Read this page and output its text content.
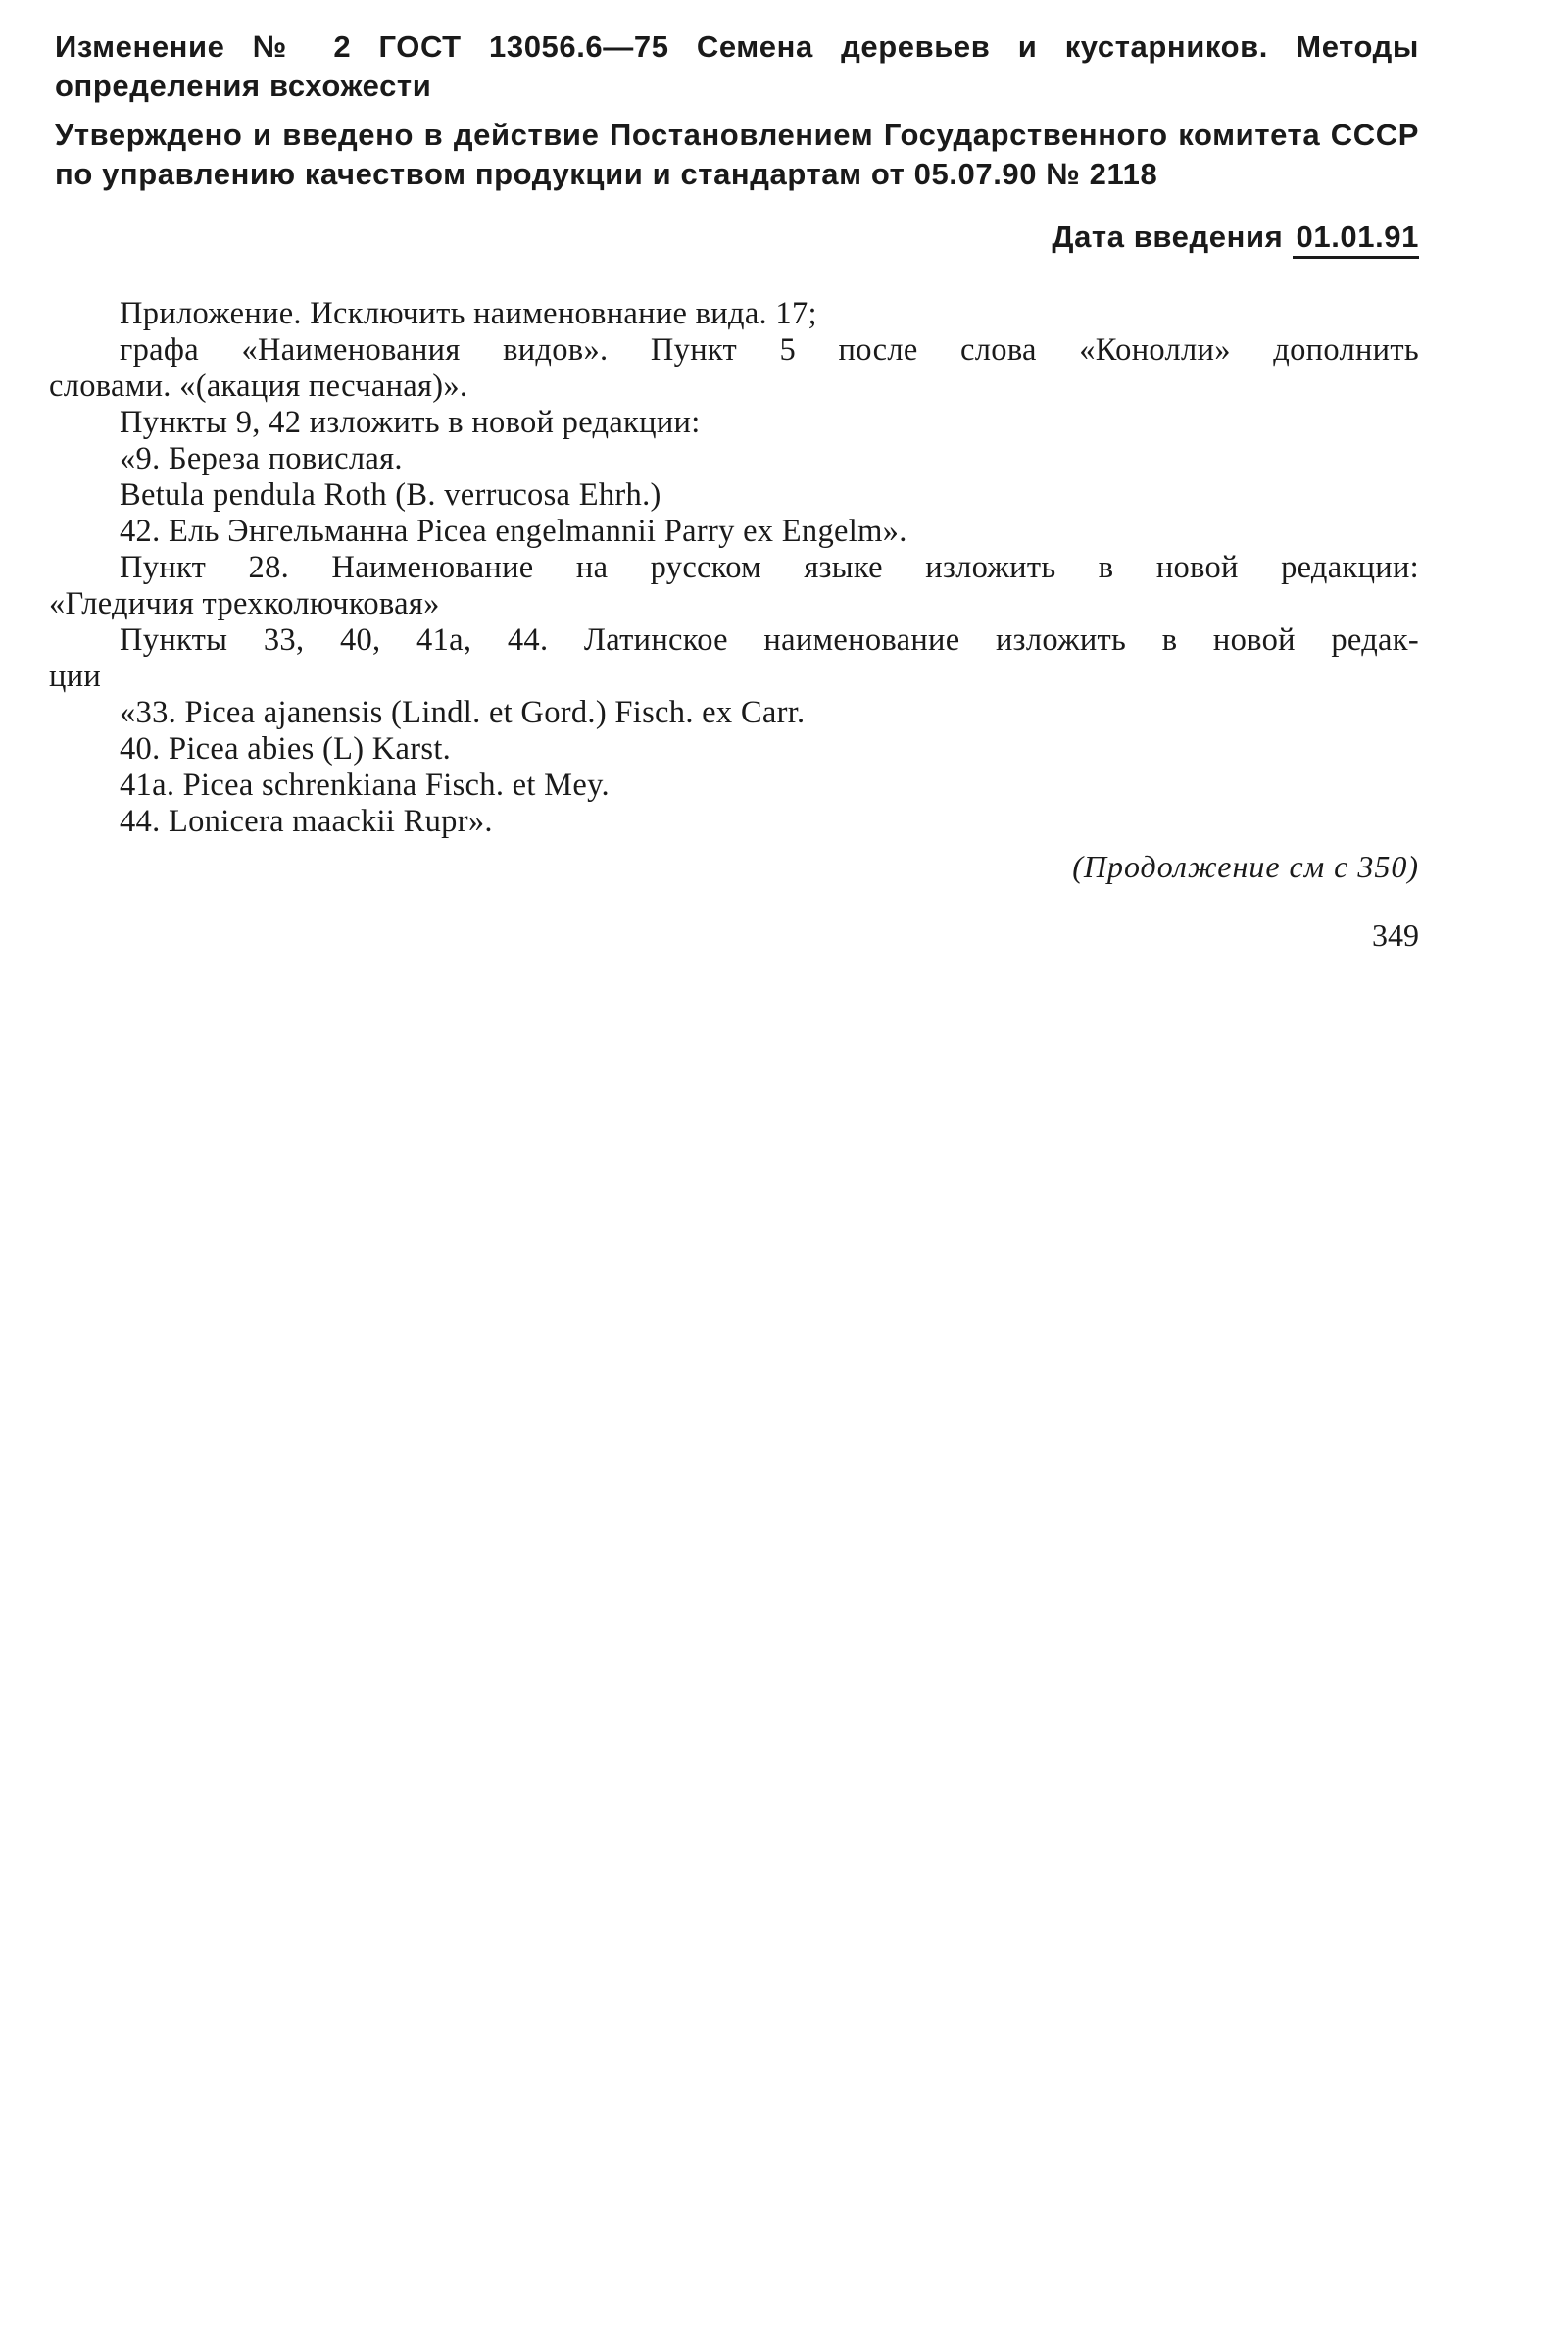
Изменение № 2 ГОСТ 13056.6—75 Семена деревьев и кустарников. Методы определения всхожести
Утверждено и введено в действие Постановлением Государственного комитета СССР по управлению качеством продукции и стандартам от 05.07.90 № 2118
Дата введения 01.01.91
Приложение. Исключить наименовнание вида. 17;
графа «Наименования видов». Пункт 5 после слова «Конолли» дополнить
словами. «(акация песчаная)».
Пункты 9, 42 изложить в новой редакции:
«9. Береза повислая.
Betula pendula Roth (B. verrucosa Ehrh.)
42. Ель Энгельманна Picea engelmannii Parry ex Engelm».
Пункт 28. Наименование на русском языке изложить в новой редакции:
«Гледичия трехколючковая»
Пункты 33, 40, 41а, 44. Латинское наименование изложить в новой редак-
ции
«33. Picea ajanensis (Lindl. et Gord.) Fisch. ex Carr.
40. Picea abies (L) Karst.
41a. Picea schrenkiana Fisch. et Mey.
44. Lonicera maackii Rupr».
(Продолжение см с 350)
349
